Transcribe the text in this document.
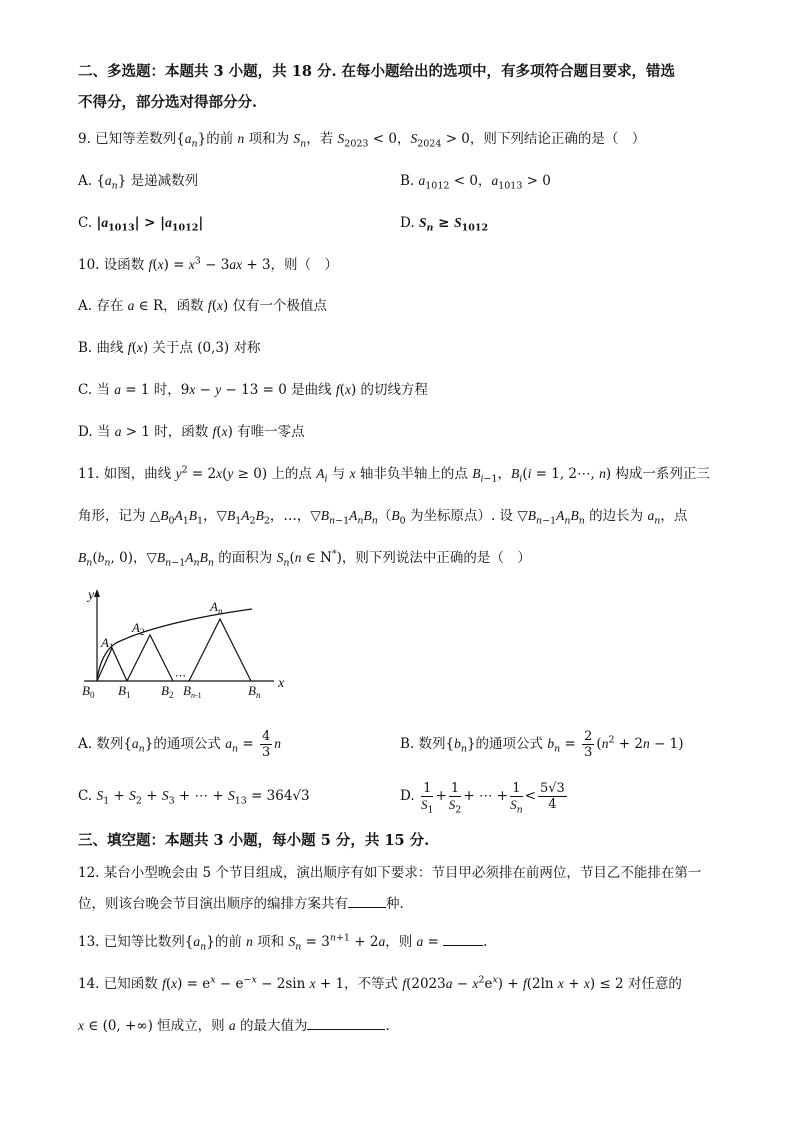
二、多选题：本题共 3 小题，共 18 分. 在每小题给出的选项中，有多项符合题目要求，错选
不得分，部分选对得部分分.
9. 已知等差数列$\{a_n\}$的前 n 项和为 $S_n$，若 $S_{2023} < 0$，$S_{2024} > 0$，则下列结论正确的是（　）
A. $\{a_n\}$ 是递减数列	B. $a_{1012} < 0$，$a_{1013} > 0$
C. $|a_{1013}| > |a_{1012}|$	D. $S_n \ge S_{1012}$
10. 设函数 $f(x) = x^3 - 3ax + 3$，则（　）
A. 存在 a ∈ R，函数 f(x) 仅有一个极值点
B. 曲线 f(x) 关于点 (0,3) 对称
C. 当 a = 1 时，9x − y − 13 = 0 是曲线 f(x) 的切线方程
D. 当 a > 1 时，函数 f(x) 有唯一零点
11. 如图，曲线 $y^2 = 2x(y \ge 0)$ 上的点 $A_i$ 与 x 轴非负半轴上的点 $B_{i-1}$，$B_i(i = 1$, 2⋯, n) 构成一系列正三
角形，记为 $\triangle B_0A_1B_1$，$▽B_1A_2B_2$，…，$▽B_{n-1}A_nB_n(B_0$ 为坐标原点）. 设 $▽B_{n-1}A_nB_n$ 的边长为 $a_n$，点
$B_n(b_n$, 0)，$▽B_{n-1}A_nB_n$ 的面积为 $S_n(n$ ∈ N*)，则下列说法中正确的是（　）
⋯
y
x
$A_1$
$A_2$
$A_n$
$B_0$ $B_1$ $B_2$ $B_n-1$	$B_n$
A. 数列$\{a_n\}$的通项公式 $a_n = \frac{4}{3}$ n	B. 数列$\{b_n\}$的通项公式 $b_n = \frac{2}{3} (n^2 + 2n - 1)$
C. $S_1 + S_2 + S_3$ + ⋯ + $S_{13} = 364√3$	D. $\frac{1}{S_1} + \frac{1}{S_2}$ + ⋯ + $\frac{1}{S_n} < \frac{5√3}{4}$
三、填空题：本题共 3 小题，每小题 5 分，共 15 分.
12. 某台小型晚会由 5 个节目组成，演出顺序有如下要求：节目甲必须排在前两位，节目乙不能排在第一
位，则该台晚会节目演出顺序的编排方案共有	种.
13. 已知等比数列$\{a_n\}$的前 n 项和 $S_n = 3^{n+1} + 2a$，则 a =	.
14. 已知函数 $f(x) = e^x - e^{-x} - 2\sin$ x + 1，不等式 $f(2023a - x^2e^x) + f(2\ln$ x + x) ≤ 2 对任意的
x ∈ (0, +∞) 恒成立，则 a 的最大值为	.
